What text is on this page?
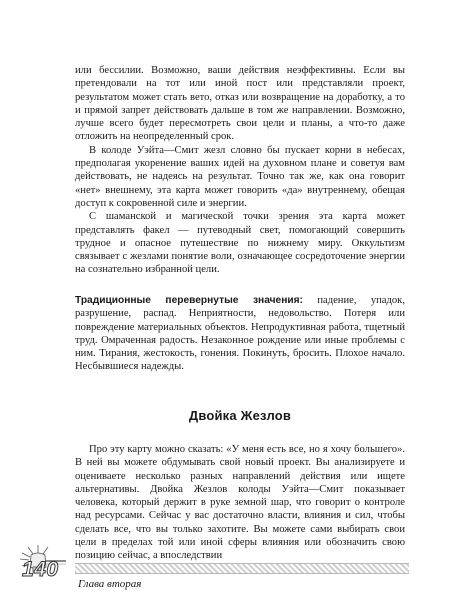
или бессилии. Возможно, ваши действия неэффективны. Если вы претендовали на тот или иной пост или представляли проект, результатом может стать вето, отказ или возвращение на доработку, а то и прямой запрет действовать дальше в том же направлении. Возможно, лучше всего будет пересмотреть свои цели и планы, а что-то даже отложить на неопределенный срок.

В колоде Уэйта—Смит жезл словно бы пускает корни в небесах, предполагая укоренение ваших идей на духовном плане и советуя вам действовать, не надеясь на результат. Точно так же, как она говорит «нет» внешнему, эта карта может говорить «да» внутреннему, обещая доступ к сокровенной силе и энергии.

С шаманской и магической точки зрения эта карта может представлять факел — путеводный свет, помогающий совершить трудное и опасное путешествие по нижнему миру. Оккультизм связывает с жезлами понятие воли, означающее сосредоточение энергии на сознательно избранной цели.

Традиционные перевернутые значения: падение, упадок, разрушение, распад. Неприятности, недовольство. Потеря или повреждение материальных объектов. Непродуктивная работа, тщетный труд. Омраченная радость. Незаконное рождение или иные проблемы с ним. Тирания, жестокость, гонения. Покинуть, бросить. Плохое начало. Несбывшиеся надежды.

Двойка Жезлов

Про эту карту можно сказать: «У меня есть все, но я хочу большего». В ней вы можете обдумывать свой новый проект. Вы анализируете и оцениваете несколько разных направлений действия или ищете альтернативы. Двойка Жезлов колоды Уэйта—Смит показывает человека, который держит в руке земной шар, что говорит о контроле над ресурсами. Сейчас у вас достаточно власти, влияния и сил, чтобы сделать все, что вы только захотите. Вы можете сами выбирать свои цели в пределах той или иной сферы влияния или обозначить свою позицию сейчас, а впоследствии

140
Глава вторая
